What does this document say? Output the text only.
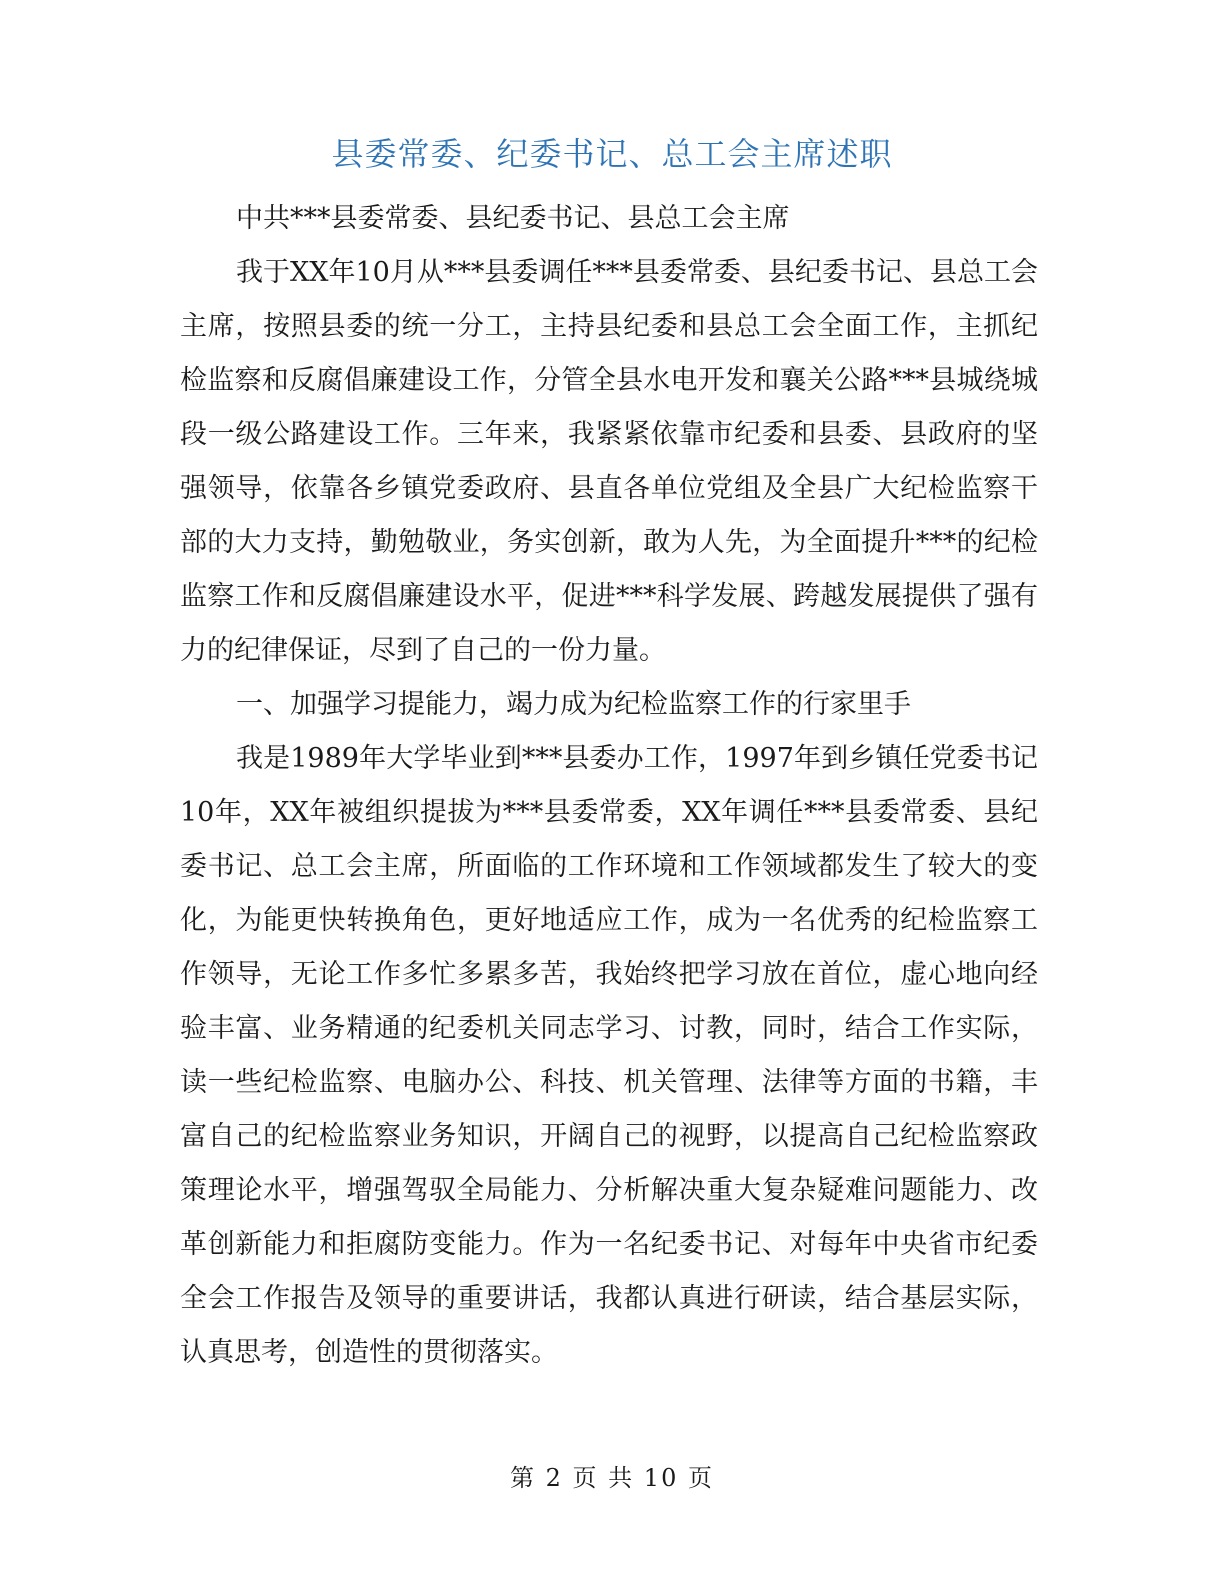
县委常委、纪委书记、总工会主席述职

中共***县委常委、县纪委书记、县总工会主席

我于XX年10月从***县委调任***县委常委、县纪委书记、县总工会主席，按照县委的统一分工，主持县纪委和县总工会全面工作，主抓纪检监察和反腐倡廉建设工作，分管全县水电开发和襄关公路***县城绕城段一级公路建设工作。三年来，我紧紧依靠市纪委和县委、县政府的坚强领导，依靠各乡镇党委政府、县直各单位党组及全县广大纪检监察干部的大力支持，勤勉敬业，务实创新，敢为人先，为全面提升***的纪检监察工作和反腐倡廉建设水平，促进***科学发展、跨越发展提供了强有力的纪律保证，尽到了自己的一份力量。

一、加强学习提能力，竭力成为纪检监察工作的行家里手

我是1989年大学毕业到***县委办工作，1997年到乡镇任党委书记10年，XX年被组织提拔为***县委常委，XX年调任***县委常委、县纪委书记、总工会主席，所面临的工作环境和工作领域都发生了较大的变化，为能更快转换角色，更好地适应工作，成为一名优秀的纪检监察工作领导，无论工作多忙多累多苦，我始终把学习放在首位，虚心地向经验丰富、业务精通的纪委机关同志学习、讨教，同时，结合工作实际，读一些纪检监察、电脑办公、科技、机关管理、法律等方面的书籍，丰富自己的纪检监察业务知识，开阔自己的视野，以提高自己纪检监察政策理论水平，增强驾驭全局能力、分析解决重大复杂疑难问题能力、改革创新能力和拒腐防变能力。作为一名纪委书记、对每年中央省市纪委全会工作报告及领导的重要讲话，我都认真进行研读，结合基层实际，认真思考，创造性的贯彻落实。

第 2 页 共 10 页
